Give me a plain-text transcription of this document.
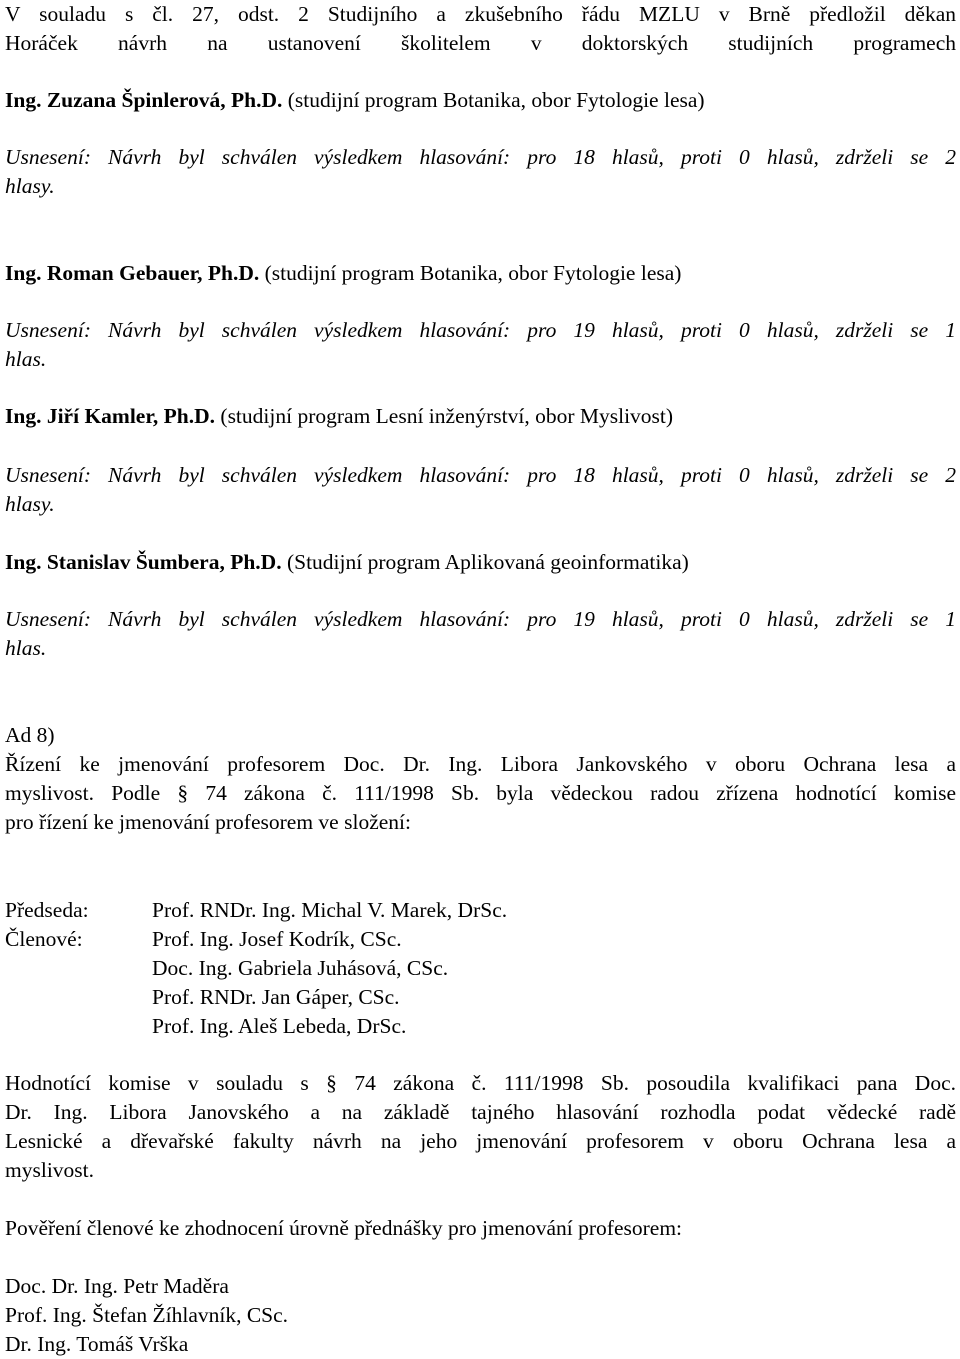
V souladu s čl. 27, odst. 2 Studijního a zkušebního řádu MZLU v Brně předložil děkan
Horáček návrh na ustanovení školitelem v doktorských studijních programech
Ing. Zuzana Špinlerová, Ph.D. (studijní program Botanika, obor Fytologie lesa)
Usnesení: Návrh byl schválen výsledkem hlasování: pro 18 hlasů, proti 0 hlasů, zdrželi se 2
hlasy.
Ing. Roman Gebauer, Ph.D. (studijní program Botanika, obor Fytologie lesa)
Usnesení: Návrh byl schválen výsledkem hlasování: pro 19 hlasů, proti 0 hlasů, zdrželi se 1
hlas.
Ing. Jiří Kamler, Ph.D. (studijní program Lesní inženýrství, obor Myslivost)
Usnesení: Návrh byl schválen výsledkem hlasování: pro 18 hlasů, proti 0 hlasů, zdrželi se 2
hlasy.
Ing. Stanislav Šumbera, Ph.D. (Studijní program Aplikovaná geoinformatika)
Usnesení: Návrh byl schválen výsledkem hlasování: pro 19 hlasů, proti 0 hlasů, zdrželi se 1
hlas.
Ad 8)
Řízení ke jmenování profesorem Doc. Dr. Ing. Libora Jankovského v oboru Ochrana lesa a
myslivost. Podle § 74 zákona č. 111/1998 Sb. byla vědeckou radou zřízena hodnotící komise
pro řízení ke jmenování profesorem ve složení:
Předseda:	Prof. RNDr. Ing. Michal V. Marek, DrSc.
Členové:	Prof. Ing. Josef Kodrík, CSc.
Doc. Ing. Gabriela Juhásová, CSc.
Prof. RNDr. Jan Gáper, CSc.
Prof. Ing. Aleš Lebeda, DrSc.
Hodnotící komise v souladu s § 74 zákona č. 111/1998 Sb. posoudila kvalifikaci pana Doc.
Dr. Ing. Libora Janovského a na základě tajného hlasování rozhodla podat vědecké radě
Lesnické a dřevařské fakulty návrh na jeho jmenování profesorem v oboru Ochrana lesa a
myslivost.
Pověření členové ke zhodnocení úrovně přednášky pro jmenování profesorem:
Doc. Dr. Ing. Petr Maděra
Prof. Ing. Štefan Žíhlavník, CSc.
Dr. Ing. Tomáš Vrška
